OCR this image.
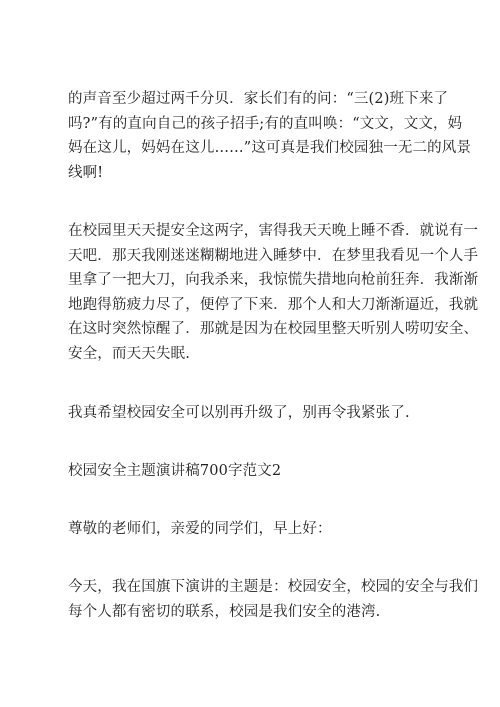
的声音至少超过两千分贝．家长们有的问：“三(2)班下来了
吗?”有的直向自己的孩子招手;有的直叫唤：“文文，文文，妈
妈在这儿，妈妈在这儿……”这可真是我们校园独一无二的风景
线啊!
在校园里天天提安全这两字，害得我天天晚上睡不香．就说有一
天吧．那天我刚迷迷糊糊地进入睡梦中．在梦里我看见一个人手
里拿了一把大刀，向我杀来，我惊慌失措地向枪前狂奔．我渐渐
地跑得筋疲力尽了，便停了下来．那个人和大刀渐渐逼近，我就
在这时突然惊醒了．那就是因为在校园里整天听别人唠叨安全、
安全，而天天失眠.
我真希望校园安全可以别再升级了，别再令我紧张了.
校园安全主题演讲稿700字范文2
尊敬的老师们，亲爱的同学们，早上好：
今天，我在国旗下演讲的主题是：校园安全，校园的安全与我们
每个人都有密切的联系，校园是我们安全的港湾.
